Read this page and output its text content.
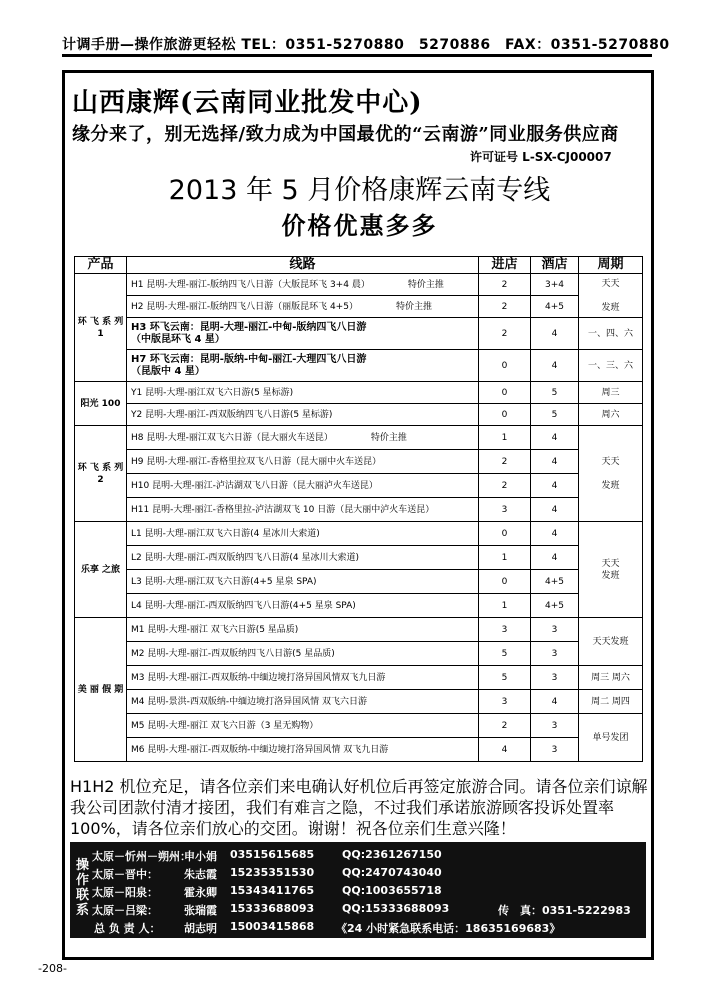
计调手册—操作旅游更轻松 TEL：0351-5270880　5270886　FAX：0351-5270880
山西康辉(云南同业批发中心)
缘分来了，别无选择/致力成为中国最优的“云南游”同业服务供应商
许可证号 L-SX-CJ00007
2013 年 5 月价格康辉云南专线
价格优惠多多
产品	线路	进店	酒店	周期
环 飞 系 列 1	H1 昆明-大理-丽江-版纳四飞八日游（大版昆环飞 3+4 晨） 特价主推	2	3+4	天天

发班
	H2 昆明-大理-丽江-版纳四飞八日游（丽版昆环飞 4+5） 特价主推	2	4+5	
	H3 环飞云南：昆明-大理-丽江-中甸-版纳四飞八日游
（中版昆环飞 4 星）	2	4	一、四、六
	H7 环飞云南：昆明-版纳-中甸-丽江-大理四飞八日游
（昆版中 4 星）	0	4	一、三、六
阳光 100	Y1 昆明-大理-丽江双飞六日游(5 星标游)	0	5	周三
	Y2 昆明-大理-丽江-西双版纳四飞八日游(5 星标游)	0	5	周六
环 飞 系 列 2	H8 昆明-大理-丽江双飞六日游（昆大丽火车送昆） 特价主推	1	4	天天

发班
	H9 昆明-大理-丽江-香格里拉双飞八日游（昆大丽中火车送昆）	2	4	
	H10 昆明-大理-丽江-泸沽湖双飞八日游（昆大丽泸火车送昆）	2	4	
	H11 昆明-大理-丽江-香格里拉-泸沽湖双飞 10 日游（昆大丽中泸火车送昆）	3	4	
乐享 之旅	L1 昆明-大理-丽江双飞六日游(4 星冰川大索道)	0	4	天天
发班
	L2 昆明-大理-丽江-西双版纳四飞八日游(4 星冰川大索道)	1	4	
	L3 昆明-大理-丽江双飞六日游(4+5 星泉 SPA)	0	4+5	
	L4 昆明-大理-丽江-西双版纳四飞八日游(4+5 星泉 SPA)	1	4+5	
美 丽 假 期	M1 昆明-大理-丽江 双飞六日游(5 星品质)	3	3	天天发班
	M2 昆明-大理-丽江-西双版纳四飞八日游(5 星品质)	5	3	
	M3 昆明-大理-丽江-西双版纳-中缅边境打洛异国风情双飞九日游	5	3	周三 周六
	M4 昆明-景洪-西双版纳-中缅边境打洛异国风情 双飞六日游	3	4	周二 周四
	M5 昆明-大理-丽江 双飞六日游（3 星无购物）	2	3	单号发团
	M6 昆明-大理-丽江-西双版纳-中缅边境打洛异国风情 双飞九日游	4	3	
H1H2 机位充足，请各位亲们来电确认好机位后再签定旅游合同。请各位亲们谅解我公司团款付清才接团，我们有难言之隐，不过我们承诺旅游顾客投诉处置率 100%，请各位亲们放心的交团。谢谢！祝各位亲们生意兴隆！
操作联系
太原－忻州－朔州：
申小娟 03515615685	QQ:2361267150
太原－晋中： 朱志霞 15235351530	QQ:2470743040
太原－阳泉： 霍永卿 15343411765	QQ:1003655718
太原－吕梁： 张瑞霞 15333688093	QQ:15333688093	传　真：0351-5222983
总 负 责 人： 胡志明 15003415868 《24 小时紧急联系电话：18635169683》
-208-
